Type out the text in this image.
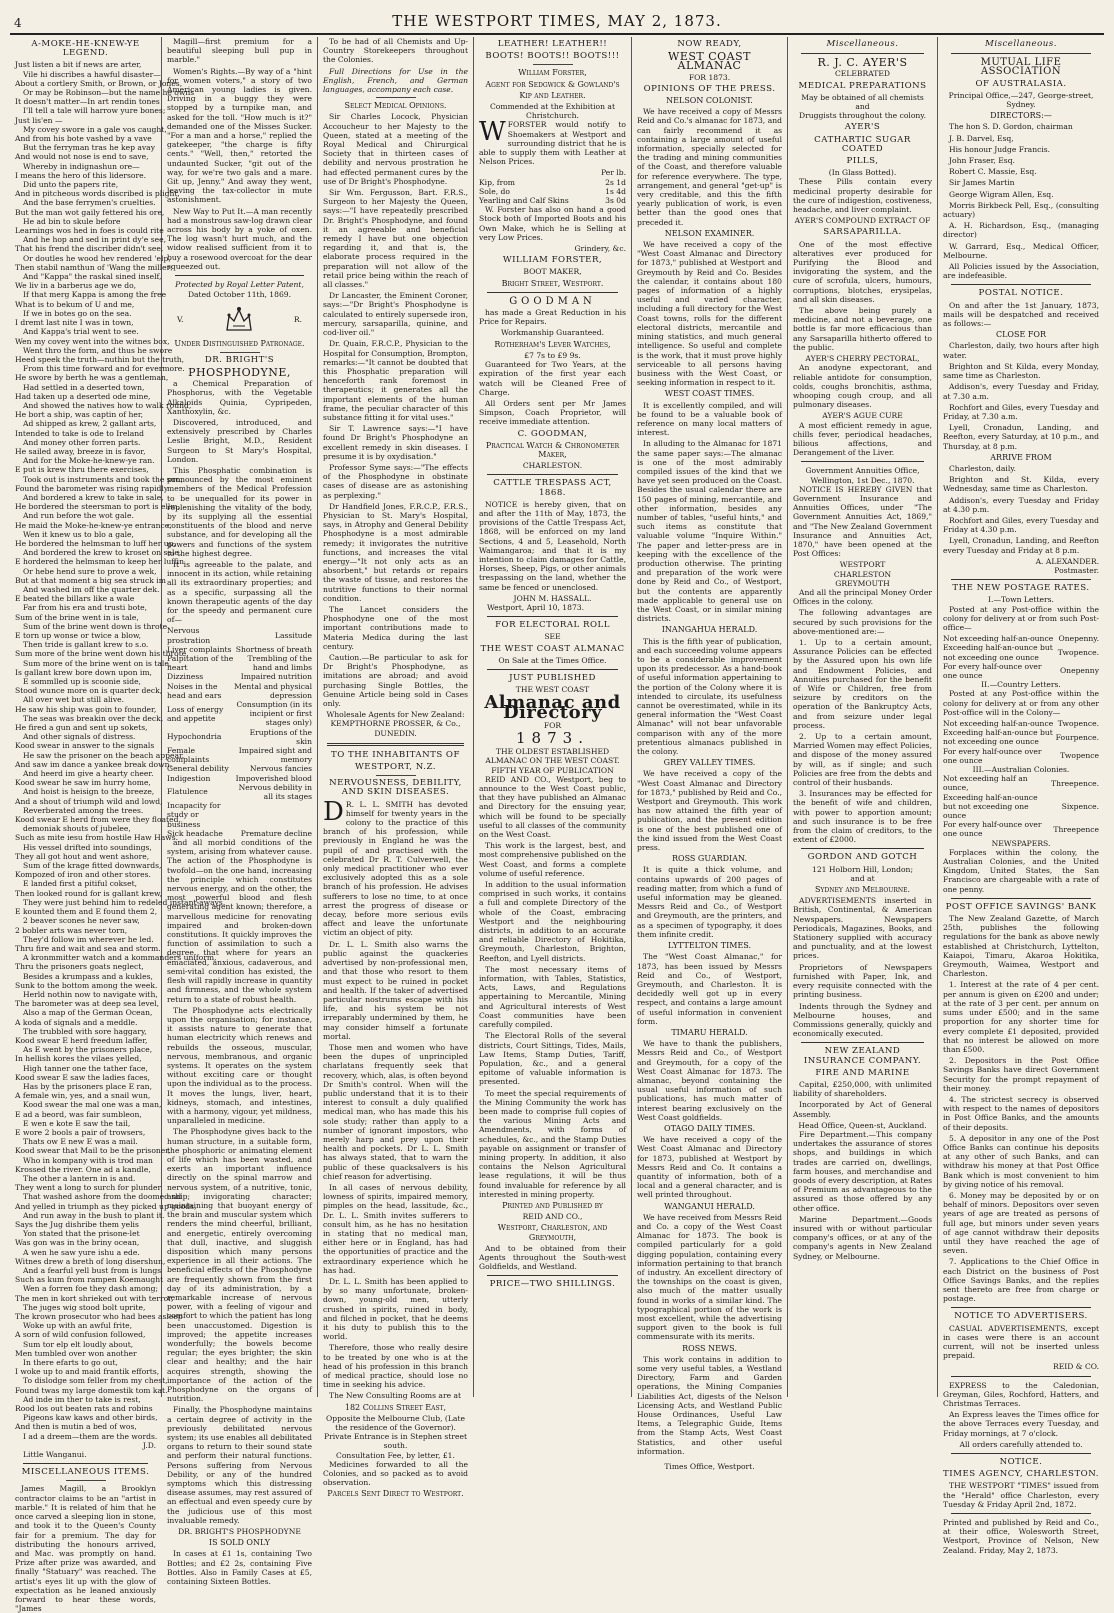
4	THE WESTPORT TIMES, MAY 2, 1873.
A-MOKE-HE-KNEW-YE LEGEND.
Just listen a bit if news are arter,
Vile hi discribes a hawful disaster—
About a cortlery Smith, or Brown, or Jones,
Or may be Robinson—but the name he owns
It doesn't matter—In art rendin tones
I'll tell a tale will harrow yure bones;
Just lis'en —
My covey swore in a gale vos caught,
And from his bote vashed by a vave
But the ferryman tras he kep avay
And would not nose is end to save,
Whereby in indignashun ore—
I means the hero of this lidersore.
Did unto the papers rite,
And in pitcheous words discribed is plight,
And the base ferrymen's cruelties.
But the man wot gaily fettered his ore,
He ad bin to skule before
Learnings wos hed in foes is could rite
And he hop and sed in print dy'e see,
That his frend the discriber didn't see,
Or doutles he wood hev rendered 'elp,
Then stabil namthun of 'Wang the miller;
And "Kappa" the raskal sined inself,
We liv in a barberus age we do,
If that merg Kappa is among the free
What is to bekum of U and me,
If we in botes go on the sea.
I dremt last nite I was in town,
And Kappa's trial went to see.
Wen my covey went into the witnes box,
Went thro the form, and thus he swore
Heed speek the truth—nuthin but the truth,
From this time forward and for evermore.
He swore by berth he was a gentleman,
Had settled in a deserted town,
Had taken up a deserted ode mine,
And showed the natives how to walk round,
He bort a ship, was captin of her,
Ad shipped as krew, 2 gallant arts,
Intended to take is ode to Ireland
And money other forren parts.
He sailed away, breeze in is favor,
And for the Moke-he-knew-ye ran.
E put is krew thru there exercises,
Took out is instruments and took the sun,
Found the barometer was rising rapidly
And bordered a krew to take in sale,
He bordered the steersman to port is ellm,
And run before the wot gale.
He maid the Moke-he-knew-ye entrance,
Wen it knew us to blo a gale,
He bordered the helmsman to luff her up,
And bordered the krew to kroset on sale.
E hordered the helmsman to keep her luffin
Or hebe hend sure to prove a wek,
But at that moment a big sea struck im
And washed im off the quarter dek.
E beated the billars like a wale
Far from his era and trusti bote,
Sum of the brine went in is tale,
Sum of the brine went down is throte.
E torn up wonse or twice a blow,
Then tride is gallant krew to s.o.
Sum more of the brine went down his throte,
Sum more of the brine went on is tale.
Is gallant krew bore down upon im,
E sommlled up is scoonie side,
Stood wunce more on is quarter deck,
All over wet but still alive.
He saw his ship was goin to founder,
The seas was breakin over the deck,
He fired a gun and sent up sokets,
And other signals of distress.
Kood swear in answer to the signals
He saw the prisoner on the beach appear,
And saw im dance a yankee break down,
And heerd im give a hearty cheer.
Kood swear he saw im hurry home,
And hoist is heisign to the breeze,
And a shout of triumph wild and lowd,
Reverberated among the trees.
Kood swear E herd from were they floated,
demoniak shouts of jubelee,
Such as mite iesu from hostile Haw Haws.
His vessel drifted into soundings,
They all got hout and went ashore,
Sum of the krage fitted downwards,
Kompozed of iron and other stores.
E landed first a pitiful cokset,
Then looked round for is gallant krew,
They were just behind him to redeled instant-aways.
E kounted them and E found them 2,
2 beaver scones he never saw,
2 bobler arts was never torn,
They'd follow im wherever he led.
Thru fire and wait and sea and storm.
A kronmmitter watch and a kommanders uniform,
Thru the prisoners goats neglect,
Besides a krumpass and a kukles,
Sunk to the bottom among the week.
Herld nothin now to navigate with,
The barometer was at deep sea level,
Also a map of the German Ocean,
A koda of signals and a meddle.
The trubbled with sore haggary,
Kood swear E herd freedum laffer,
As E went by the prisoners place,
In hellish kores the vilaes yelled,
High tanner one the tather face,
Kood swear E saw the ladies faces,
Has by the prisoners place E ran,
A female win, yes, and a snail wun,
Kood swear the mal one was a man,
E ad a beord, was fair sumbleon,
E wen e kote E saw the tail,
E wore 2 bools a pair of trowsers,
Thats ow E new E was a mail.
Kood swear that Mail to be the prisoner,
Who in kompany with is trod man
Krossed the river. One ad a kandle,
The other a lantern in is and.
They went a long to surch for plunder
That washed ashore from the doomed ship;
And yelled in triumph as they picked up goods,
And run away in the bush to plant it.
Says the Jug dishribe them yelis
Yon stated that the prisone-let
Was gon was in the briny ocean,
A wen he saw yure ishu a ede.
Witnes drew a breth of long disershun,
And a fearful yell bust from is lungs
Such as kum from rampen Koemaught
Wen a forren foe they dash among;
The men in kort shrieked out with terror,
The juges wig stood bolt uprite,
The krown prosecutor who had bees asleep
Woke up with an awful frite,
A sorn of wild confusion followed,
Sum tor elp elt loudly about,
Men tumbled over won another
In there efarts to go out,
I woke up to and maid frantik efforts,
To dislodge som feller from my chest,
Found twas my large domestik tom kat.
Ad inde im ther to take is rest,
Rood los out beaten rats and robins
Pigeons kaw kaws and other birds,
And then is mutin a bed of wos,
I ad a dreem—them are the words.
J.D.
Little Wanganui.
MISCELLANEOUS ITEMS.

James Magill, a Brooklyn contractor claims to be an "artist in marble." It is related of him that he once carved a sleeping lion in stone, and took it to the Queen's County fair for a premium. The day for distributing the honours arrived, and Mac. was promptly on hand. Prize after prize was awarded, and finally "Statuary" was reached. The artist's eyes lit up with the glow of expectation as he leaned anxiously forward to hear these words, "James

Magill—first premium for a beautiful sleeping bull pup in marble."

Women's Rights.—By way of a "hint for women voters," a story of two American young ladies is given. Driving in a buggy they were stopped by a turnpike man, and asked for the toll. "How much is it?" demanded one of the Misses Sucker. "For a man and a horse," replied the gatekeeper, "the charge is fifty cents." "Well, then," retorted the undaunted Sucker, "git out of the way, for we're two gals and a mare. Git up, Jenny." And away they went, leaving the tax-collector in mute astonishment.

New Way to Put It.—A man recently had a monstrous saw-log drawn clear across his body by a yoke of oxen. The log wasn't hurt much, and the widow realised sufficient from it to buy a rosewood overcoat for the dear squeezed out.

Protected by Royal Letter Patent,
Dated October 11th, 1869.
V.	R.
Under Distinguished Patronage.
DR. BRIGHT'S
PHOSPHODYNE,

a Chemical Preparation of Phosphorus, with the Vegetable Alkaloids Quinia, Cypripeden, Xanthoxylin, &c.

Discovered, introduced, and extensively prescribed by Charles Leslie Bright, M.D., Resident Surgeon to St Mary's Hospital, London.

This Phosphatic combination is pronounced by the most eminent members of the Medical Profession to be unequalled for its power in replenishing the vitality of the body, by its supplying all the essential constituents of the blood and nerve substance, and for developing all the powers and functions of the system to the highest degree.

It is agreeable to the palate, and innocent in its action, while retaining all its extraordinary properties; and as a specific, surpassing all the known therapeutic agents of the day for the speedy and permanent cure of—

Nervous prostration	Lassitude
Liver complaints	Shortness of breath
Palpitation of the heart	Trembling of the hand and limbs
Dizziness	Impaired nutrition
Noises in the head and ears	Mental and physical depression
Loss of energy and appetite	Consumption (in its incipient or first stages only)
Hypochondria	Eruptions of the skin
Female complaints	Impaired sight and memory
General debility	Nervous fancies
Indigestion	Impoverished blood
Flatulence	Nervous debility in all its stages
Incapacity for study or business	
Sick headache	Premature decline

and all morbid conditions of the system, arising from whatever cause. The action of the Phosphodyne is twofold—on the one hand, increasing the principle which constitutes nervous energy, and on the other, the most powerful blood and flesh generating agent known; therefore, a marvellous medicine for renovating impaired and broken-down constitutions. It quickly improves the function of assimilation to such a degree, that where for years an emaciated, anxious, cadaverous, and semi-vital condition has existed, the flesh will rapidly increase in quantity and firmness, and the whole system return to a state of robust health.

The Phosphodyne acts electrically upon the organisation; for instance, it assists nature to generate that human electricity which renews and rebuilds the osseous, muscular, nervous, membranous, and organic systems. It operates on the system without exciting care or thought upon the individual as to the process. It moves the lungs, liver, heart, kidneys, stomach, and intestines, with a harmony, vigour, yet mildness, unparalleled in medicine.

The Phosphodyne gives back to the human structure, in a suitable form, the phosphoric or animating element of life which has been wasted, and exerts an important influence directly on the spinal marrow and nervous system, of a nutritive, tonic, and invigorating character; maintaining that buoyant energy of the brain and muscular system which renders the mind cheerful, brilliant, and energetic, entirely overcoming that dull, inactive, and sluggish disposition which many persons experience in all their actions. The beneficial effects of the Phosphodyne are frequently shown from the first day of its administration, by a remarkable increase of nervous power, with a feeling of vigour and comfort to which the patient has long been unaccustomed. Digestion is improved; the appetite increases wonderfully; the bowels become regular; the eyes brighter; the skin clear and healthy; and the hair acquires strength, showing the importance of the action of the Phosphodyne on the organs of nutrition.

Finally, the Phosphodyne maintains a certain degree of activity in the previously debilitated nervous system; its use enables all debilitated organs to return to their sound state and perform their natural functions. Persons suffering from Nervous Debility, or any of the hundred symptoms which this distressing disease assumes, may rest assured of an effectual and even speedy cure by the judicious use of this most invaluable remedy.

DR. BRIGHT'S PHOSPHODYNE
IS SOLD ONLY

In cases at £1 1s, containing Two Bottles; and £2 2s, containing Five Bottles. Also in Family Cases at £5, containing Sixteen Bottles.

To be had of all Chemists and Up-Country Storekeepers throughout the Colonies.

Full Directions for Use in the English, French, and German languages, accompany each case.

Select Medical Opinions.

Sir Charles Locock, Physician Accoucheur to her Majesty to the Queen, stated at a meeting of the Royal Medical and Chirurgical Society that in thirteen cases of debility and nervous prostration he had effected permanent cures by the use of Dr Bright's Phosphodyne.

Sir Wm. Fergusson, Bart. F.R.S., Surgeon to her Majesty the Queen, says:—"I have repeatedly prescribed Dr. Bright's Phosphodyne, and found it an agreeable and beneficial remedy I have but one objection regarding it, and that is, the elaborate process required in the preparation will not allow of the retail price being within the reach of all classes."

Dr Lancaster, the Eminent Coroner, says:—"Dr Bright's Phosphodyne is calculated to entirely supersede iron, mercury, sarsaparilla, quinine, and cod-liver oil."

Dr. Quain, F.R.C.P., Physician to the Hospital for Consumption, Brompton, remarks:—"It cannot be doubted that this Phosphatic preparation will henceforth rank foremost in therapeutics; it generates all the important elements of the human frame, the peculiar character of this substance fitting it for vital uses."

Sir T. Lawrence says:—"I have found Dr Bright's Phosphodyne an excellent remedy in skin diseases. I presume it is by oxydisation."

Professor Syme says:—"The effects of the Phosphodyne in obstinate cases of disease are as astonishing as perplexing."

Dr Handfield Jones, F.R.C.P., F.R.S., Physician to St. Mary's Hospital, says, in Atrophy and General Debility Phosphodyne is a most admirable remedy; it invigorates the nutritive functions, and increases the vital energy—"It not only acts as an absorbent," but retards or repairs the waste of tissue, and restores the nutritive functions to their normal condition.

The Lancet considers the Phosphodyne one of the most important contributions made to Materia Medica during the last century.

Caution.—Be particular to ask for Dr Bright's Phosphodyne, as imitations are abroad; and avoid purchasing Single Bottles, the Genuine Article being sold in Cases only.

Wholesale Agents for New Zealand:
KEMPTHORNE PROSSER, & Co.,
DUNEDIN.
TO THE INHABITANTS OF
WESTPORT, N.Z.
NERVOUSNESS, DEBILITY, AND SKIN DISEASES.

D R. L. L. SMITH has devoted himself for twenty years in the colony to the practice of this branch of his profession, while previously in England he was the pupil of and practised with the celebrated Dr R. T. Culverwell, the only medical practitioner who ever exclusively adopted this as a sole branch of his profession. He advises sufferers to lose no time, to at once arrest the progress of disease or decay, before more serious evils affect and leave the unfortunate victim an object of pity.

Dr. L. L. Smith also warns the public against the quackeries advertised by non-professional men, and that those who resort to them must expect to be ruined in pocket and health. If the taker of advertised particular nostrums escape with his life, and his system be not irreparably undermined by them, he may consider himself a fortunate mortal.

Those men and women who have been the dupes of unprincipled charlatans frequently seek that recovery, which, alas, is often beyond Dr Smith's control. When will the public understand that it is to their interest to consult a duly qualified medical man, who has made this his sole study; rather than apply to a number of ignorant impostors, who merely harp and prey upon their health and pockets. Dr L. L. Smith has always stated, that to warn the public of these quacksalvers is his chief reason for advertising.

In all cases of nervous debility, lowness of spirits, impaired memory, pimples on the head, lassitude, &c., Dr. L. L. Smith invites sufferers to consult him, as he has no hesitation in stating that no medical man, either here or in England, has had the opportunities of practice and the extraordinary experience which he has had.

Dr. L. L. Smith has been applied to by so many unfortunate, broken-down, young-old men, utterly crushed in spirits, ruined in body, and filched in pocket, that he deems it his duty to publish this to the world.

Therefore, those who really desire to be treated by one who is at the head of his profession in this branch of medical practice, should lose no time in seeking his advice.

The New Consulting Rooms are at

182 Collins Street East,
Opposite the Melbourne Club, (Late the residence of the Governor).
Private Entrance is in Stephen street south.
Consultation Fee, by letter, £1.

Medicines forwarded to all the Colonies, and so packed as to avoid observation.

Parcels Sent Direct to Westport.
LEATHER! LEATHER!!
BOOTS! BOOTS!! BOOTS!!!
William Forster,
Agent for Sedgwick & Gowland's
Kip and Leather.
Commended at the Exhibition at Christchurch.

WFORSTER would notify to Shoemakers at Westport and surrounding district that he is able to supply them with Leather at Nelson Prices.

Per lb.
Kip, from	2s 1d
Sole, do	1s 4d
Yearling and Calf Skins	3s 0d

W. Forster has also on hand a good Stock both of Imported Boots and his Own Make, which he is Selling at very Low Prices.

Grindery, &c.
WILLIAM FORSTER,
BOOT MAKER,
Bright Street, Westport.
GOODMAN

has made a Great Reduction in his Price for Repairs.

Workmanship Guaranteed.
Rotherham's Lever Watches,
£7 7s to £9 9s.

Guaranteed for Two Years, at the expiration of the first year each watch will be Cleaned Free of Charge.

All Orders sent per Mr James Simpson, Coach Proprietor, will receive immediate attention.

C. GOODMAN,
Practical Watch & Chronometer Maker,
CHARLESTON.
CATTLE TRESPASS ACT, 1868.

NOTICE is hereby given, that on and after the 11th of May, 1873, the provisions of the Cattle Trespass Act, 1868, will be enforced on my land Sections, 4 and 5, Leasehold, North Waimangaroa; and that it is my intention to claim damages for Cattle, Horses, Sheep, Pigs, or other animals trespassing on the land, whether the same be fenced or unenclosed.

JOHN M. HASSALL.
Westport, April 10, 1873.
FOR ELECTORAL ROLL
SEE
THE WEST COAST ALMANAC
On Sale at the Times Office.
JUST PUBLISHED
THE WEST COAST
Almanac and Directory
FOR
1873.
THE OLDEST ESTABLISHED
ALMANAC ON THE WEST COAST.
FIFTH YEAR OF PUBLICATION

REID AND CO., Westport, beg to announce to the West Coast public, that they have published an Almanac and Directory for the ensuing year, which will be found to be specially useful to all classes of the community on the West Coast.

This work is the largest, best, and most comprehensive published on the West Coast, and forms a complete volume of useful reference.

In addition to the usual information comprised in such works, it contains a full and complete Directory of the whole of the Coast, embracing Westport and the neighbouring districts, in addition to an accurate and reliable Directory of Hokitika, Greymouth, Charleston, Brighton, Reefton, and Lyell districts.

The most necessary items of information, with Tables, Statistics, Acts, Laws, and Regulations appertaining to Mercantile, Mining and Agricultural interests of West Coast communities have been carefully compiled.

The Electoral Rolls of the several districts, Court Sittings, Tides, Mails, Law Items, Stamp Duties, Tariff, Population, &c., and a general epitome of valuable information is presented.

To meet the special requirements of the Mining Community the work has been made to comprise full copies of the various Mining Acts and Amendments, with forms of schedules, &c., and the Stamp Duties payable on assignment or transfer of mining property. In addition, it also contains the Nelson Agricultural lease regulations, it will be thus found invaluable for reference by all interested in mining property.

Printed and Published by
REID AND CO.,
Westport, Charleston, and Greymouth,

And to be obtained from their Agents throughout the South-west Goldfields, and Westland.

PRICE—TWO SHILLINGS.
NOW READY,
WEST COAST ALMANAC
FOR 1873.
OPINIONS OF THE PRESS.
NELSON COLONIST.

We have received a copy of Messrs Reid and Co.'s almanac for 1873, and can fairly recommend it as containing a large amount of useful information, specially selected for the trading and mining communities of the Coast, and therefore valuable for reference everywhere. The type, arrangement, and general "get-up" is very creditable, and this the fifth yearly publication of work, is even better than the good ones that preceded it.

NELSON EXAMINER.

We have received a copy of the "West Coast Almanac and Directory for 1873," published at Westport and Greymouth by Reid and Co. Besides the calendar, it contains about 180 pages of information of a highly useful and varied character, including a full directory for the West Coast towns, rolls for the different electoral districts, mercantile and mining statistics, and much general intelligence. So useful and complete is the work, that it must prove highly serviceable to all persons having business with the West Coast, or seeking information in respect to it.

WEST COAST TIMES.

It is excellently compiled, and will be found to be a valuable book of reference on many local matters of interest.

In alluding to the Almanac for 1871 the same paper says:—The almanac is one of the most admirably compiled issues of the kind that we have yet seen produced on the Coast. Besides the usual calendar there are 150 pages of mining, mercantile, and other information, besides any number of tables, "useful hints," and such items as constitute that valuable volume "Inquire Within." The paper and letter-press are in keeping with the excellence of the production otherwise. The printing and preparation of the work were done by Reid and Co., of Westport, but the contents are apparently made applicable to general use on the West Coast, or in similar mining districts.

INANGAHUA HERALD.

This is the fifth year of publication, and each succeeding volume appears to be a considerable improvement upon its predecessor. As a hand-book of useful information appertaining to the portion of the Colony where it is intended to circulate, its usefulness cannot be overestimated, while in its general information the "West Coast Almanac" will not bear unfavorable comparison with any of the more pretentious almanacs published in the colony.

GREY VALLEY TIMES.

We have received a copy of the "West Coast Almanac and Directory for 1873," published by Reid and Co., Westport and Greymouth. This work has now attained the fifth year of publication, and the present edition is one of the best published one of the kind issued from the West Coast press.

ROSS GUARDIAN.

It is quite a thick volume, and contains upwards of 200 pages of reading matter, from which a fund of useful information may be gleaned. Messrs Reid and Co., of Westport and Greymouth, are the printers, and as a specimen of typography, it does them infinite credit.

LYTTELTON TIMES.

The "West Coast Almanac," for 1873, has been issued by Messrs Reid and Co., of Westport, Greymouth, and Charleston. It is decidedly well got up in every respect, and contains a large amount of useful information in convenient form.

TIMARU HERALD.

We have to thank the publishers, Messrs Reid and Co., of Westport and Greymouth, for a copy of the West Coast Almanac for 1873. The almanac, beyond containing the usual useful information of such publications, has much matter of interest bearing exclusively on the West Coast goldfields.

OTAGO DAILY TIMES.

We have received a copy of the West Coast Almanac and Directory for 1873, published at Westport by Messrs Reid and Co. It contains a quantity of information, both of a local and a general character, and is well printed throughout.

WANGANUI HERALD.

We have received from Messrs Reid and Co. a copy of the West Coast Almanac for 1873. The book is compiled particularly for a gold digging population, containing every information pertaining to that branch of industry. An excellent directory of the townships on the coast is given, also much of the matter usually found in works of a similar kind. The typographical portion of the work is most excellent, while the advertising support given to the book is full commensurate with its merits.

ROSS NEWS.

This work contains in addition to some very useful tables, a Westland Directory, Farm and Garden operations, the Mining Companies Liabilities Act, digests of the Nelson Licensing Acts, and Westland Public House Ordinances, Useful Law Items, a Telegraphic Guide, Items from the Stamp Acts, West Coast Statistics, and other useful information.

Times Office, Westport.
Miscellaneous.
R. J. C. AYER'S
CELEBRATED
MEDICAL PREPARATIONS
May be obtained of all chemists and
Druggists throughout the colony.
AYER'S
CATHARTIC SUGAR COATED
PILLS,
(In Glass Botted).

These Pills contain every medicinal property desirable for the cure of indigestion, costiveness, headache, and liver complaint.

AYER'S COMPOUND EXTRACT OF
SARSAPARILLA.

One of the most effective alteratives ever produced for Purifying the Blood and invigorating the system, and the cure of scrofula, ulcers, humours, corruptions, blotches, erysipelas, and all skin diseases.

The above being purely a medicine, and not a beverage, one bottle is far more efficacious than any Sarsaparilla hitherto offered to the public.

AYER'S CHERRY PECTORAL,

An anodyne expectorant, and reliable antidote for consumption, colds, coughs bronchitis, asthma, whooping cough croup, and all pulmonary diseases.

AYER'S AGUE CURE

A most efficient remedy in ague, chills fever, periodical headaches, bilious affections, and Derangement of the Liver.

Government Annuities Office,
Wellington, 1st Dec., 1870.

NOTICE IS HEREBY GIVEN that Government Insurance and Annuities Offices, under "The Government Annuities Act, 1869," and "The New Zealand Government Insurance and Annuities Act, 1870," have been opened at the Post Offices:

WESTPORT
CHARLESTON
GREYMOUTH

And all the principal Money Order Offices in the colony.

The following advantages are secured by such provisions for the above-mentioned are:—

1. Up to a certain amount, Assurance Policies can be effected by the Assured upon his own life and Endowment Policies, and Annuities purchased for the benefit of Wife or Children, free from seizure by creditors on the operation of the Bankruptcy Acts, and from seizure under legal process.

2. Up to a certain amount, Married Women may effect Policies, and dispose of the money assured by will, as if single; and such Policies are free from the debts and control of their husbands.

3. Insurances may be effected for the benefit of wife and children, with power to apportion amount; and such insurance is to be free from the claim of creditors, to the extent of £2000.

GORDON AND GOTCH
121 Holborn Hill, London;
and at
Sydney and Melbourne.

ADVERTISEMENTS inserted in British, Continental, & American Newspapers. Newspapers Periodicals, Magazines, Books, and Stationery supplied with accuracy and punctuality, and at the lowest prices.

Proprietors of Newspapers furnished with Paper, Ink, and every requisite connected with the printing business.

Indents through the Sydney and Melbourne houses, and Commissions generally, quickly and economically executed.

NEW ZEALAND INSURANCE COMPANY.
FIRE AND MARINE

Capital, £250,000, with unlimited liability of shareholders.

Incorporated by Act of General Assembly.

Head Office, Queen-st, Auckland.

Fire Department.—This company undertakes the assurance of stores shops, and buildings in which trades are carried on, dwellings, farm houses, and merchandise and goods of every description, at Rates of Premium as advantageous to the assured as those offered by any other office.

Marine Department.—Goods insured with or without particular company's offices, or at any of the company's agents in New Zealand Sydney, or Melbourne.

Miscellaneous.
MUTUAL LIFE ASSOCIATION
OF AUSTRALASIA.
Principal Office,—247, George-street, Sydney.
DIRECTORS:—

The hon S. D. Gordon, chairman

J. B. Darvel, Esq,

His honour Judge Francis.

John Fraser, Esq.

Robert C. Massie, Esq.

Sir James Martin

George Wigram Allen, Esq.

Morris Birkbeck Pell, Esq., (consulting actuary)

A. H. Richardson, Esq., (managing director)

W. Garrard, Esq., Medical Officer, Melbourne.

All Policies issued by the Association, are indefeasible.

POSTAL NOTICE.

On and after the 1st January, 1873, mails will be despatched and received as follows:—

CLOSE FOR

Charleston, daily, two hours after high water.

Brighton and St Kilda, every Monday, same time as Charleston.

Addison's, every Tuesday and Friday, at 7.30 a.m.

Rochfort and Giles, every Tuesday and Friday, at 7.30 a.m.

Lyell, Cronadun, Landing, and Reefton, every Saturday, at 10 p.m., and Thursday, at 8 p.m.

ARRIVE FROM

Charleston, daily.

Brighton and St. Kilda, every Wednesday, same time as Charleston.

Addison's, every Tuesday and Friday at 4.30 p.m.

Rochfort and Giles, every Tuesday and Friday at 4.30 p.m.

Lyell, Cronadun, Landing, and Reefton every Tuesday and Friday at 8 p.m.

A. ALEXANDER.
Postmaster.
THE NEW POSTAGE RATES.
I.—Town Letters.

Posted at any Post-office within the colony for delivery at or from such Post-office—

Not exceeding half-an-ounce	Onepenny.
Exceeding half-an-ounce but not exceeding one ounce	Twopence.
For every half-ounce over one ounce	Onepenny
II.—Country Letters.

Posted at any Post-office within the colony for delivery at or from any other Post-office will in the Colony—

Not exceeding half-an-ounce	Twopence.
Exceeding half-an-ounce but not exceeding one ounce	Fourpence.
For every half-ounce over one ounce	Twopence
III.—Australian Colonies.
Not exceeding half an ounce,	Threepence.
Exceeding half-an-ounce but not exceeding one ounce	Sixpence.
For every half-ounce over one ounce	Threepence
NEWSPAPERS.

Forplaces within the colony, the Australian Colonies, and the United Kingdom, United States, the San Francisco are chargeable with a rate of one penny.

POST OFFICE SAVINGS' BANK

The New Zealand Gazette, of March 25th, publishes the following regulations for the bank as above newly established at Christchurch, Lyttelton, Kaiapoi, Timaru, Akaroa Hokitika, Greymouth, Waimea, Westport and Charleston.

1. Interest at the rate of 4 per cent. per annum is given on £200 and under; at the rate of 3 per cent. per annum on sums under £500; and in the same proportion for any shorter time for every complete £1 deposited, provided that no interest be allowed on more than £500.

2. Depositors in the Post Office Savings Banks have direct Government Security for the prompt repayment of their money.

4. The strictest secrecy is observed with respect to the names of depositors in Post Office Banks, and the amounts of their deposits.

5. A depositor in any one of the Post Office Banks can continue his deposits at any other of such Banks, and can withdraw his money at that Post Office Bank which is most convenient to him by giving notice of his removal.

6. Money may be deposited by or on behalf of minors. Depositors over seven years of age are treated as persons of full age, but minors under seven years of age cannot withdraw their deposits until they have reached the age of seven.

7. Applications to the Chief Office in each District on the business of Post Office Savings Banks, and the replies sent thereto are free from charge or postage.

NOTICE TO ADVERTISERS.

CASUAL ADVERTISEMENTS, except in cases were there is an account current, will not be inserted unless prepaid.

REID & CO.

EXPRESS to the Caledonian, Greyman, Giles, Rochford, Hatters, and Christmas Terraces.

An Express leaves the Times office for the above Terraces every Tuesday, and Friday mornings, at 7 o'clock.

All orders carefully attended to.
NOTICE.
TIMES AGENCY, CHARLESTON.

THE WESTPORT "TIMES" issued from the "Herald" office Charleston, every Tuesday & Friday April 2nd, 1872.

Printed and published by Reid and Co., at their office, Wolesworth Street, Westport, Province of Nelson, New Zealand. Friday, May 2, 1873.
